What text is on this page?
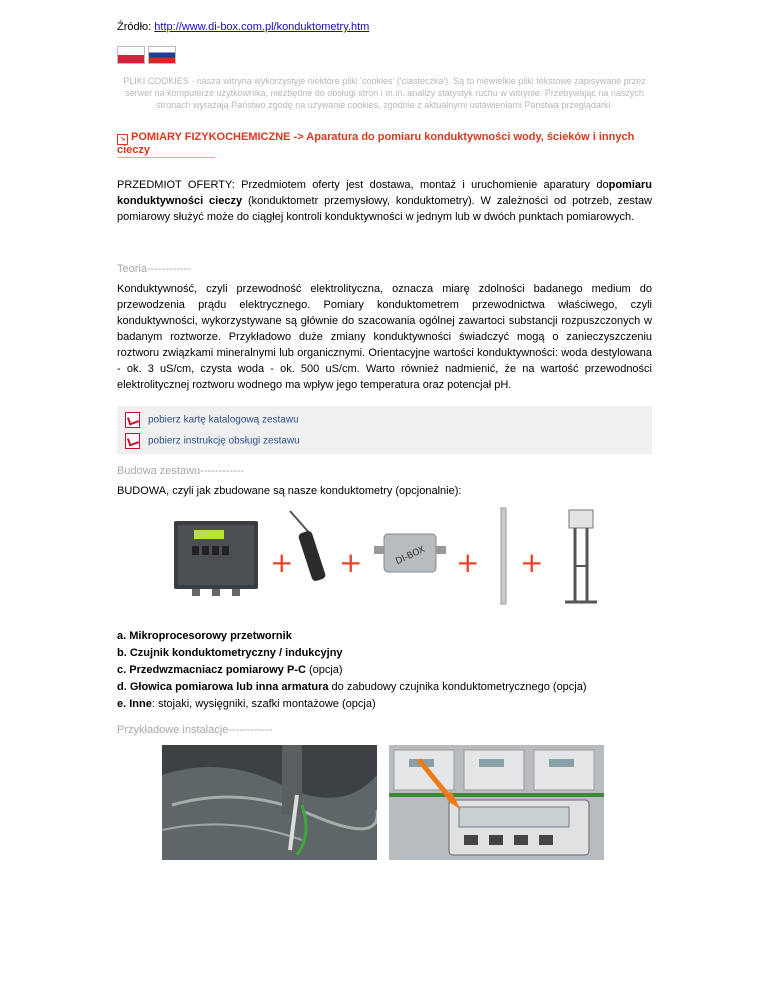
Źródło: http://www.di-box.com.pl/konduktometry.htm
PLIKI COOKIES - nasza witryna wykorzystyje niektóre pliki 'cookies' ('ciasteczka'). Są to niewielkie pliki tekstowe zapisywane przez serwer na komputerze użytkownika, niezbędne do obsługi stron i m.in. analizy statystyk ruchu w witrynie. Przebywając na naszych stronach wyrażają Państwo zgodę na używanie cookies, zgodnie z aktualnymi ustawieniami Państwa przeglądarki.
↘ POMIARY FIZYKOCHEMICZNE -> Aparatura do pomiaru konduktywności wody, ścieków i innych cieczy

PRZEDMIOT OFERTY: Przedmiotem oferty jest dostawa, montaż i uruchomienie aparatury dopomiaru konduktywności cieczy (konduktometr przemysłowy, konduktometry). W zależności od potrzeb, zestaw pomiarowy służyć może do ciągłej kontroli konduktywności w jednym lub w dwóch punktach pomiarowych.

Teoria------------

Konduktywność, czyli przewodność elektrolityczna, oznacza miarę zdolności badanego medium do przewodzenia prądu elektrycznego. Pomiary konduktometrem przewodnictwa właściwego, czyli konduktywności, wykorzystywane są głównie do szacowania ogólnej zawartoci substancji rozpuszczonych w badanym roztworze. Przykładowo duże zmiany konduktywności świadczyć mogą o zanieczyszczeniu roztworu związkami mineralnymi lub organicznymi. Orientacyjne wartości konduktywności: woda destylowana - ok. 3 uS/cm, czysta woda - ok. 500 uS/cm. Warto również nadmienić, że na wartość przewodności elektrolitycznej roztworu wodnego ma wpływ jego temperatura oraz potencjał pH.

pobierz kartę katalogową zestawu
pobierz instrukcję obsługi zestawu
Budowa zestawu------------
BUDOWA, czyli jak zbudowane są nasze konduktometry (opcjonalnie):
+ +	DI-BOX + +
a. Mikroprocesorowy przetwornik
b. Czujnik konduktometryczny / indukcyjny
c. Przedwzmacniacz pomiarowy P-C (opcja)
d. Głowica pomiarowa lub inna armatura do zabudowy czujnika konduktometrycznego (opcja)
e. Inne: stojaki, wysięgniki, szafki montażowe (opcja)
Przykładowe instalacje------------
